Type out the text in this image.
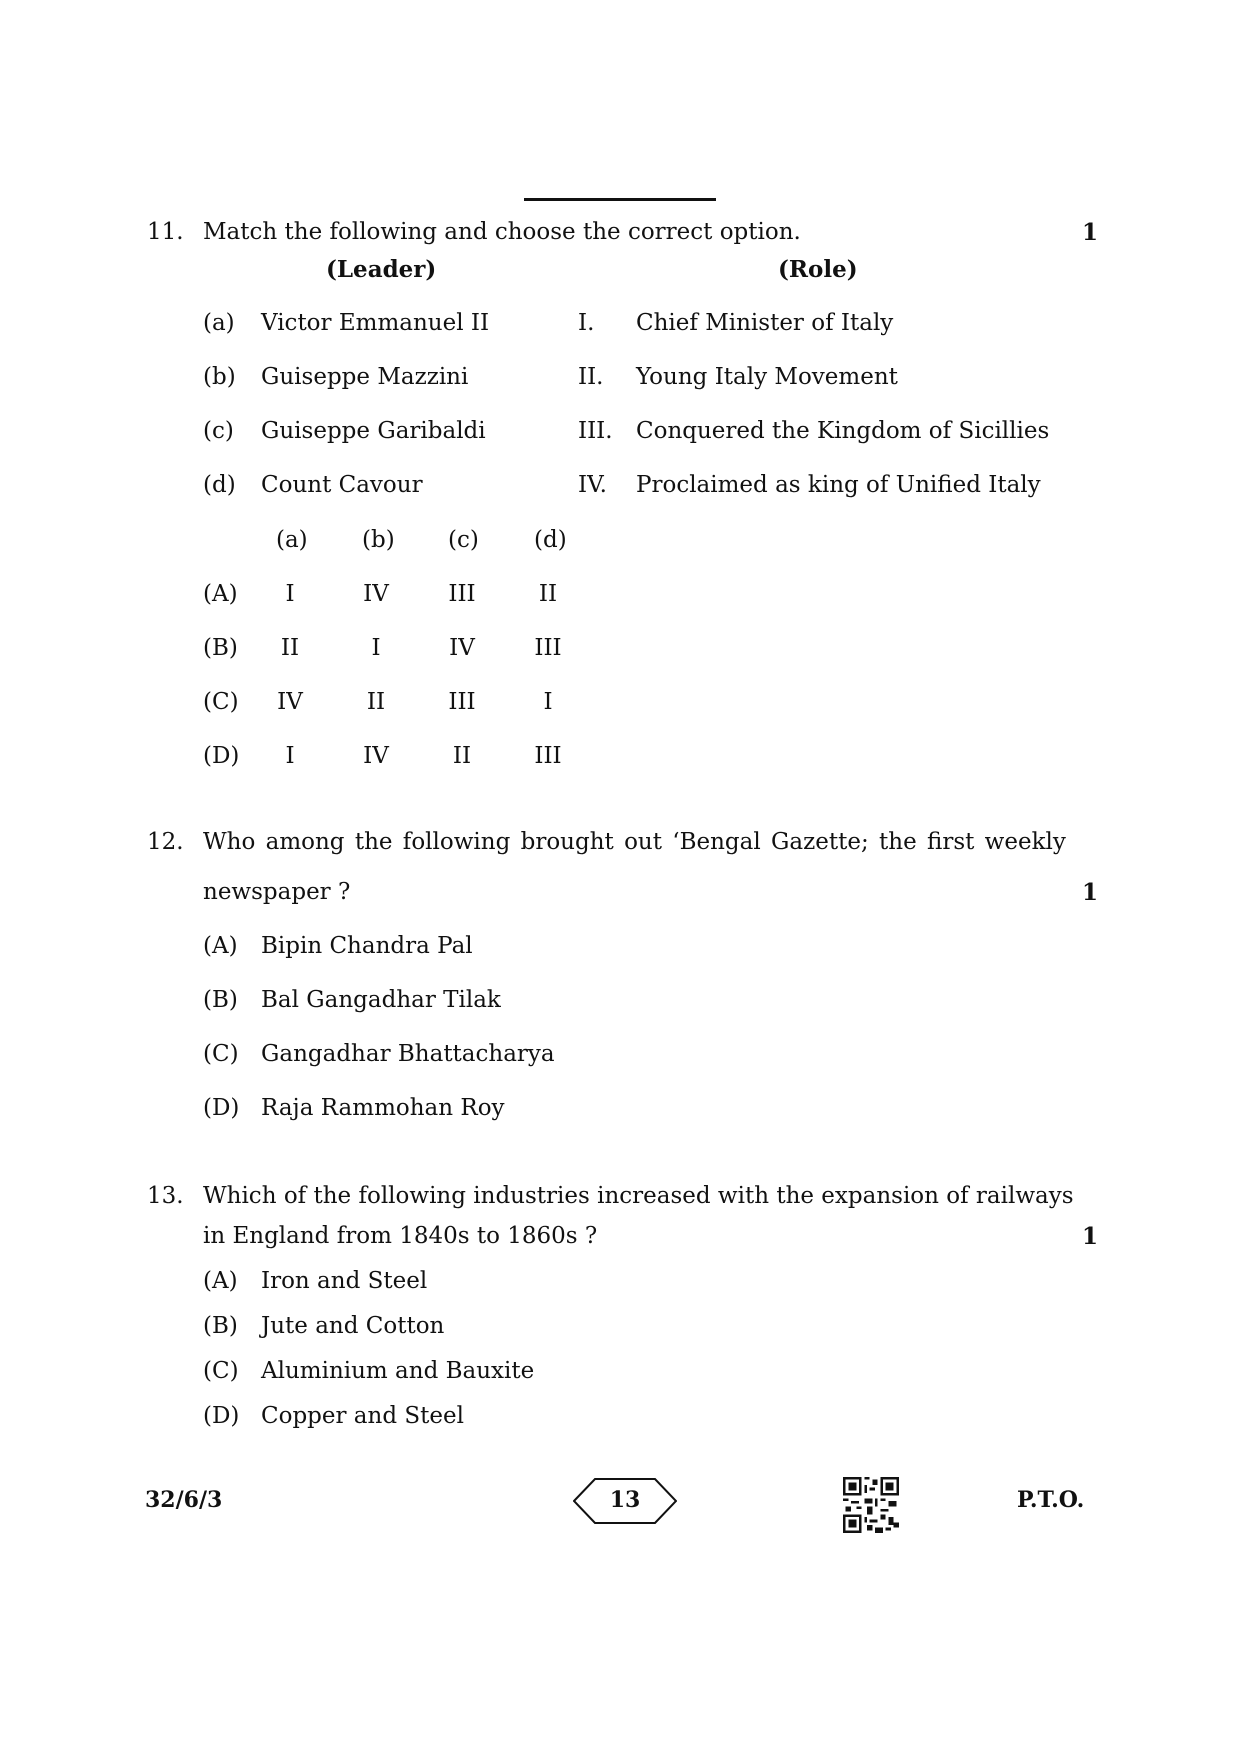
11. Match the following and choose the correct option.	1
(Leader)	(Role)
(a) Victor Emmanuel II	I. Chief Minister of Italy
(b) Guiseppe Mazzini	II. Young Italy Movement
(c) Guiseppe Garibaldi	III. Conquered the Kingdom of Sicillies
(d) Count Cavour	IV. Proclaimed as king of Unified Italy
(a) (b) (c) (d)
(A)	I	IV	III	II
(B)	II	I	IV	III
(C)	IV	II	III	I
(D)	I	IV	II	III
12. Who among the following brought out ‘Bengal Gazette; the first weekly
newspaper ?	1
(A) Bipin Chandra Pal
(B) Bal Gangadhar Tilak
(C) Gangadhar Bhattacharya
(D) Raja Rammohan Roy
13. Which of the following industries increased with the expansion of railways
in England from 1840s to 1860s ?	1
(A) Iron and Steel
(B) Jute and Cotton
(C) Aluminium and Bauxite
(D) Copper and Steel
32/6/3	13	P.T.O.
